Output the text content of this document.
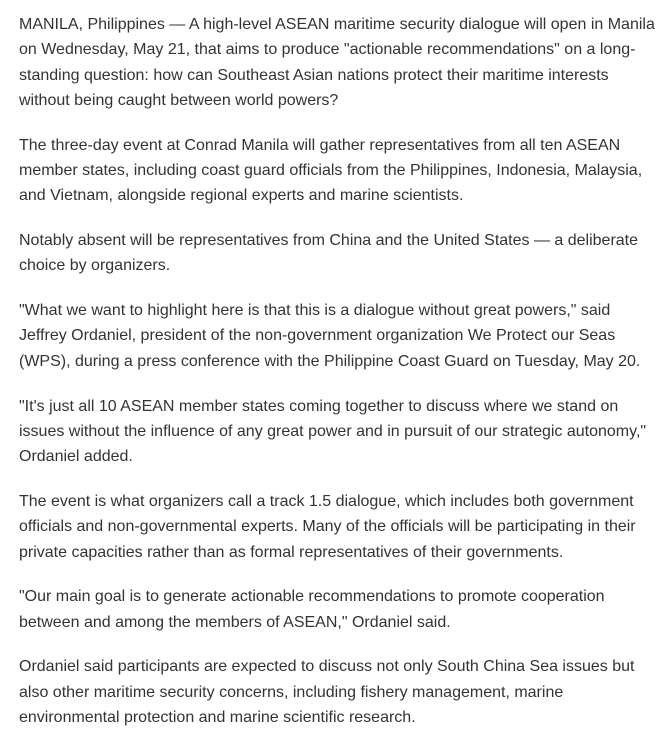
MANILA, Philippines — A high-level ASEAN maritime security dialogue will open in Manila on Wednesday, May 21, that aims to produce "actionable recommendations" on a long-standing question: how can Southeast Asian nations protect their maritime interests without being caught between world powers?

The three-day event at Conrad Manila will gather representatives from all ten ASEAN member states, including coast guard officials from the Philippines, Indonesia, Malaysia, and Vietnam, alongside regional experts and marine scientists.

Notably absent will be representatives from China and the United States — a deliberate choice by organizers.

"What we want to highlight here is that this is a dialogue without great powers," said Jeffrey Ordaniel, president of the non-government organization We Protect our Seas (WPS), during a press conference with the Philippine Coast Guard on Tuesday, May 20.

"It's just all 10 ASEAN member states coming together to discuss where we stand on issues without the influence of any great power and in pursuit of our strategic autonomy," Ordaniel added.

The event is what organizers call a track 1.5 dialogue, which includes both government officials and non-governmental experts. Many of the officials will be participating in their private capacities rather than as formal representatives of their governments.

"Our main goal is to generate actionable recommendations to promote cooperation between and among the members of ASEAN," Ordaniel said.

Ordaniel said participants are expected to discuss not only South China Sea issues but also other maritime security concerns, including fishery management, marine environmental protection and marine scientific research.
